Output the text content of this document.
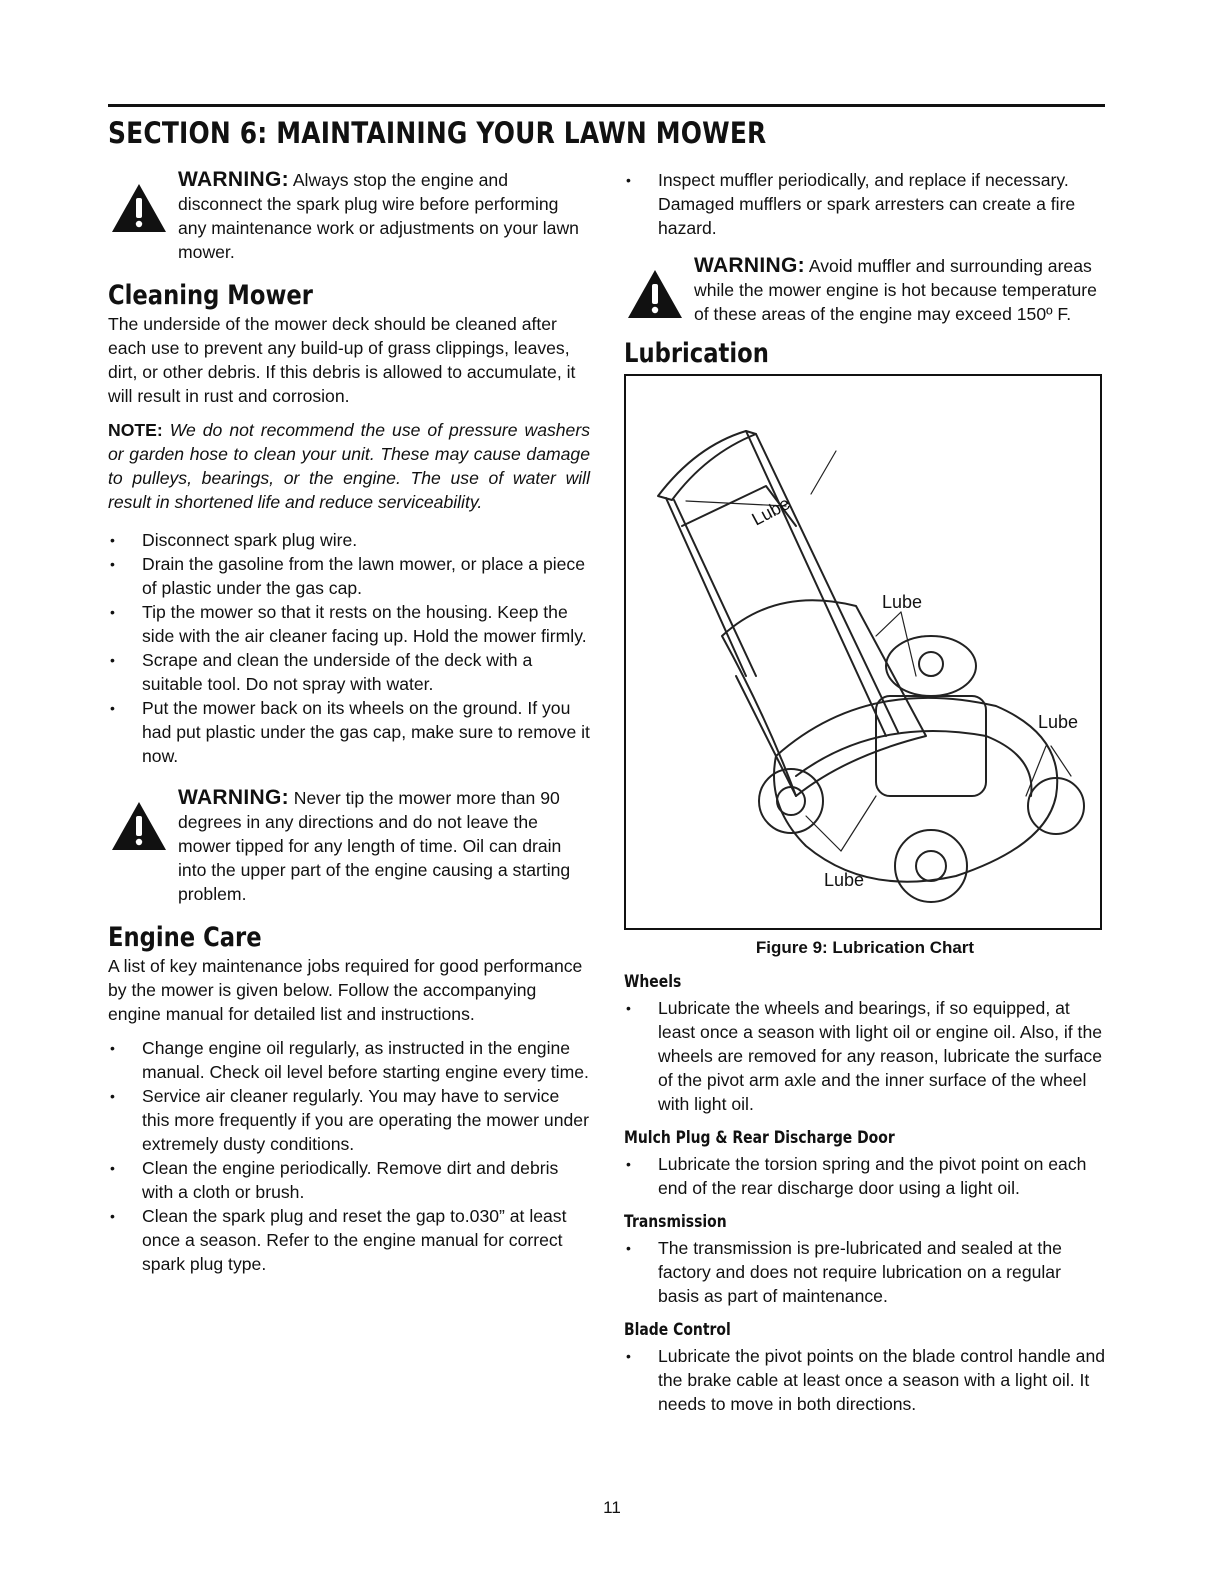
SECTION 6: MAINTAINING YOUR LAWN MOWER
WARNING: Always stop the engine and disconnect the spark plug wire before performing any maintenance work or adjustments on your lawn mower.
Cleaning Mower

The underside of the mower deck should be cleaned after each use to prevent any build-up of grass clippings, leaves, dirt, or other debris. If this debris is allowed to accumulate, it will result in rust and corrosion.

NOTE: We do not recommend the use of pressure washers or garden hose to clean your unit. These may cause damage to pulleys, bearings, or the engine. The use of water will result in shortened life and reduce serviceability.

• Disconnect spark plug wire.
• Drain the gasoline from the lawn mower, or place a piece of plastic under the gas cap.
• Tip the mower so that it rests on the housing. Keep the side with the air cleaner facing up. Hold the mower firmly.
• Scrape and clean the underside of the deck with a suitable tool. Do not spray with water.
• Put the mower back on its wheels on the ground. If you had put plastic under the gas cap, make sure to remove it now.
WARNING: Never tip the mower more than 90 degrees in any directions and do not leave the mower tipped for any length of time. Oil can drain into the upper part of the engine causing a starting problem.
Engine Care

A list of key maintenance jobs required for good performance by the mower is given below. Follow the accompanying engine manual for detailed list and instructions.

• Change engine oil regularly, as instructed in the engine manual. Check oil level before starting engine every time.
• Service air cleaner regularly. You may have to service this more frequently if you are operating the mower under extremely dusty conditions.
• Clean the engine periodically. Remove dirt and debris with a cloth or brush.
• Clean the spark plug and reset the gap to.030” at least once a season. Refer to the engine manual for correct spark plug type.
• Inspect muffler periodically, and replace if necessary. Damaged mufflers or spark arresters can create a fire hazard.
WARNING: Avoid muffler and surrounding areas while the mower engine is hot because temperature of these areas of the engine may exceed 150º F.
Lubrication
Lube
Lube
Lube
Lube
Figure 9: Lubrication Chart
Wheels
• Lubricate the wheels and bearings, if so equipped, at least once a season with light oil or engine oil. Also, if the wheels are removed for any reason, lubricate the surface of the pivot arm axle and the inner surface of the wheel with light oil.
Mulch Plug & Rear Discharge Door
• Lubricate the torsion spring and the pivot point on each end of the rear discharge door using a light oil.
Transmission
• The transmission is pre-lubricated and sealed at the factory and does not require lubrication on a regular basis as part of maintenance.
Blade Control
• Lubricate the pivot points on the blade control handle and the brake cable at least once a season with a light oil. It needs to move in both directions.
11
